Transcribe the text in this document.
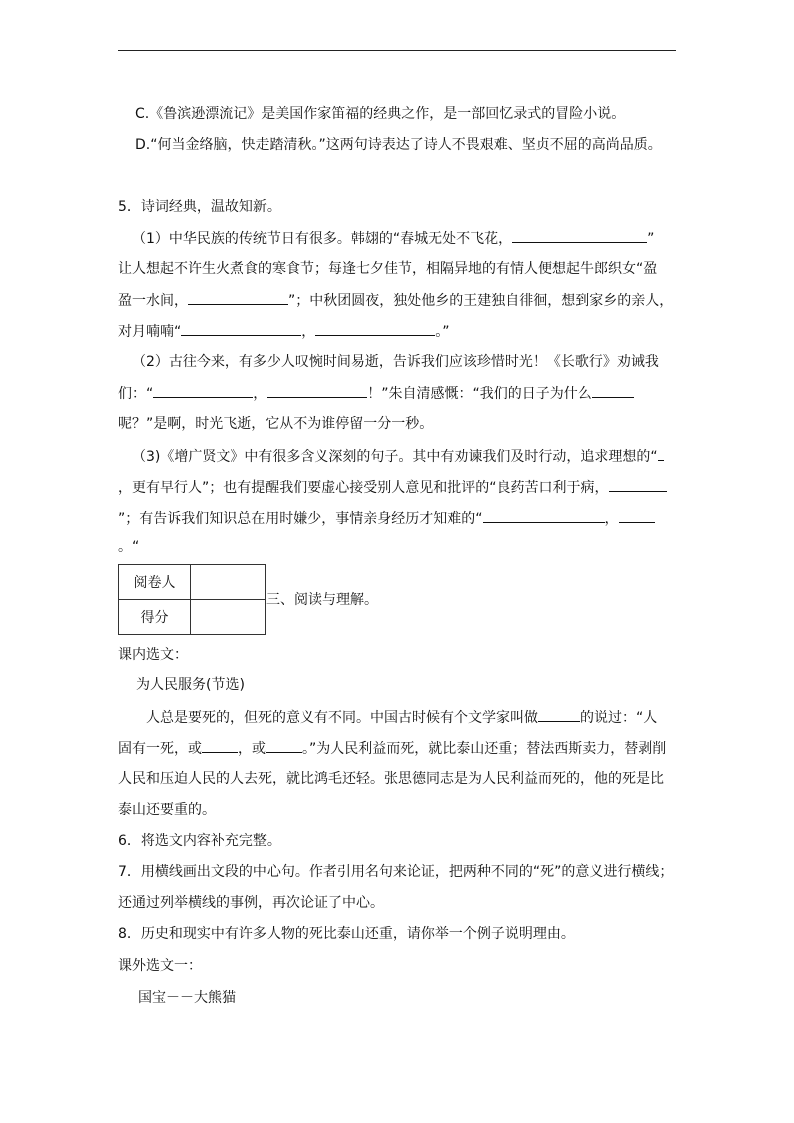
C.《鲁滨逊漂流记》是美国作家笛福的经典之作，是一部回忆录式的冒险小说。
D.“何当金络脑，快走踏清秋。”这两句诗表达了诗人不畏艰难、坚贞不屈的高尚品质。
5．诗词经典，温故知新。
（1）中华民族的传统节日有很多。韩翃的“春城无处不飞花，	”
让人想起不许生火煮食的寒食节；每逢七夕佳节，相隔异地的有情人便想起牛郎织女“盈
盈一水间，	”；中秋团圆夜，独处他乡的王建独自徘徊，想到家乡的亲人，
对月喃喃“	，	。”
（2）古往今来，有多少人叹惋时间易逝，告诉我们应该珍惜时光！《长歌行》劝诫我
们：“	，	！”朱自清感慨：“我们的日子为什么
呢？”是啊，时光飞逝，它从不为谁停留一分一秒。
（3)《增广贤文》中有很多含义深刻的句子。其中有劝谏我们及时行动，追求理想的“
，更有早行人”；也有提醒我们要虚心接受别人意见和批评的“良药苦口利于病，
”；有告诉我们知识总在用时嫌少，事情亲身经历才知难的“	，
。“
阅卷人	
得分	
三、阅读与理解。
课内选文：
为人民服务(节选)
人总是要死的，但死的意义有不同。中国古时候有个文学家叫做	的说过：“人
固有一死，或	，或	。”为人民利益而死，就比泰山还重；替法西斯卖力，替剥削
人民和压迫人民的人去死，就比鸿毛还轻。张思德同志是为人民利益而死的，他的死是比
泰山还要重的。
6．将选文内容补充完整。
7．用横线画出文段的中心句。作者引用名句来论证，把两种不同的“死”的意义进行横线；
还通过列举横线的事例，再次论证了中心。
8．历史和现实中有许多人物的死比泰山还重，请你举一个例子说明理由。
课外选文一：
国宝－－大熊猫
